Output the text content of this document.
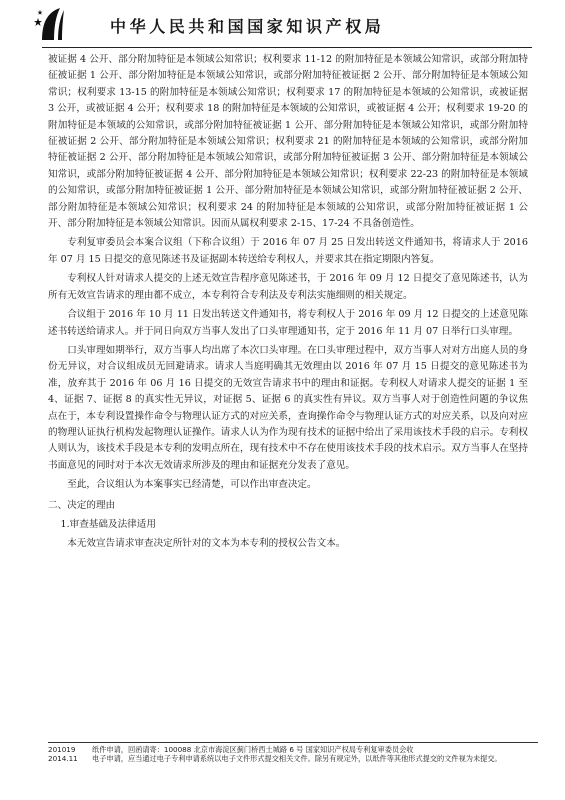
中华人民共和国国家知识产权局

被证据 4 公开、部分附加特征是本领域公知常识；权利要求 11-12 的附加特征是本领域公知常识，或部分附加特征被证据 1 公开、部分附加特征是本领域公知常识，或部分附加特征被证据 2 公开、部分附加特征是本领域公知常识；权利要求 13-15 的附加特征是本领域公知常识；权利要求 17 的附加特征是本领域的公知常识，或被证据 3 公开，或被证据 4 公开；权利要求 18 的附加特征是本领域的公知常识，或被证据 4 公开；权利要求 19-20 的附加特征是本领域的公知常识，或部分附加特征被证据 1 公开、部分附加特征是本领域公知常识，或部分附加特征被证据 2 公开、部分附加特征是本领域公知常识；权利要求 21 的附加特征是本领域的公知常识，或部分附加特征被证据 2 公开、部分附加特征是本领域公知常识，或部分附加特征被证据 3 公开、部分附加特征是本领域公知常识，或部分附加特征被证据 4 公开、部分附加特征是本领域公知常识；权利要求 22-23 的附加特征是本领域的公知常识，或部分附加特征被证据 1 公开、部分附加特征是本领域公知常识，或部分附加特征被证据 2 公开、部分附加特征是本领域公知常识；权利要求 24 的附加特征是本领域的公知常识，或部分附加特征被证据 1 公开、部分附加特征是本领域公知常识。因而从属权利要求 2-15、17-24 不具备创造性。

专利复审委员会本案合议组（下称合议组）于 2016 年 07 月 25 日发出转送文件通知书，将请求人于 2016 年 07 月 15 日提交的意见陈述书及证据副本转送给专利权人，并要求其在指定期限内答复。

专利权人针对请求人提交的上述无效宣告程序意见陈述书，于 2016 年 09 月 12 日提交了意见陈述书，认为所有无效宣告请求的理由都不成立，本专利符合专利法及专利法实施细则的相关规定。

合议组于 2016 年 10 月 11 日发出转送文件通知书，将专利权人于 2016 年 09 月 12 日提交的上述意见陈述书转送给请求人。并于同日向双方当事人发出了口头审理通知书，定于 2016 年 11 月 07 日举行口头审理。

口头审理如期举行，双方当事人均出席了本次口头审理。在口头审理过程中，双方当事人对对方出庭人员的身份无异议，对合议组成员无回避请求。请求人当庭明确其无效理由以 2016 年 07 月 15 日提交的意见陈述书为准，放弃其于 2016 年 06 月 16 日提交的无效宣告请求书中的理由和证据。专利权人对请求人提交的证据 1 至 4、证据 7、证据 8 的真实性无异议，对证据 5、证据 6 的真实性有异议。双方当事人对于创造性问题的争议焦点在于，本专利设置操作命令与物理认证方式的对应关系，查询操作命令与物理认证方式的对应关系，以及向对应的物理认证执行机构发起物理认证操作。请求人认为作为现有技术的证据中给出了采用该技术手段的启示。专利权人则认为，该技术手段是本专利的发明点所在，现有技术中不存在使用该技术手段的技术启示。双方当事人在坚持书面意见的同时对于本次无效请求所涉及的理由和证据充分发表了意见。

至此，合议组认为本案事实已经清楚，可以作出审查决定。

二、决定的理由
1.审查基础及法律适用

本无效宣告请求审查决定所针对的文本为本专利的授权公告文本。

201019	纸件申请，回函请寄：100088 北京市海淀区蓟门桥西土城路 6 号 国家知识产权局专利复审委员会收
2014.11	电子申请，应当通过电子专利申请系统以电子文件形式提交相关文件。除另有规定外，以纸件等其他形式提交的文件视为未提交。
